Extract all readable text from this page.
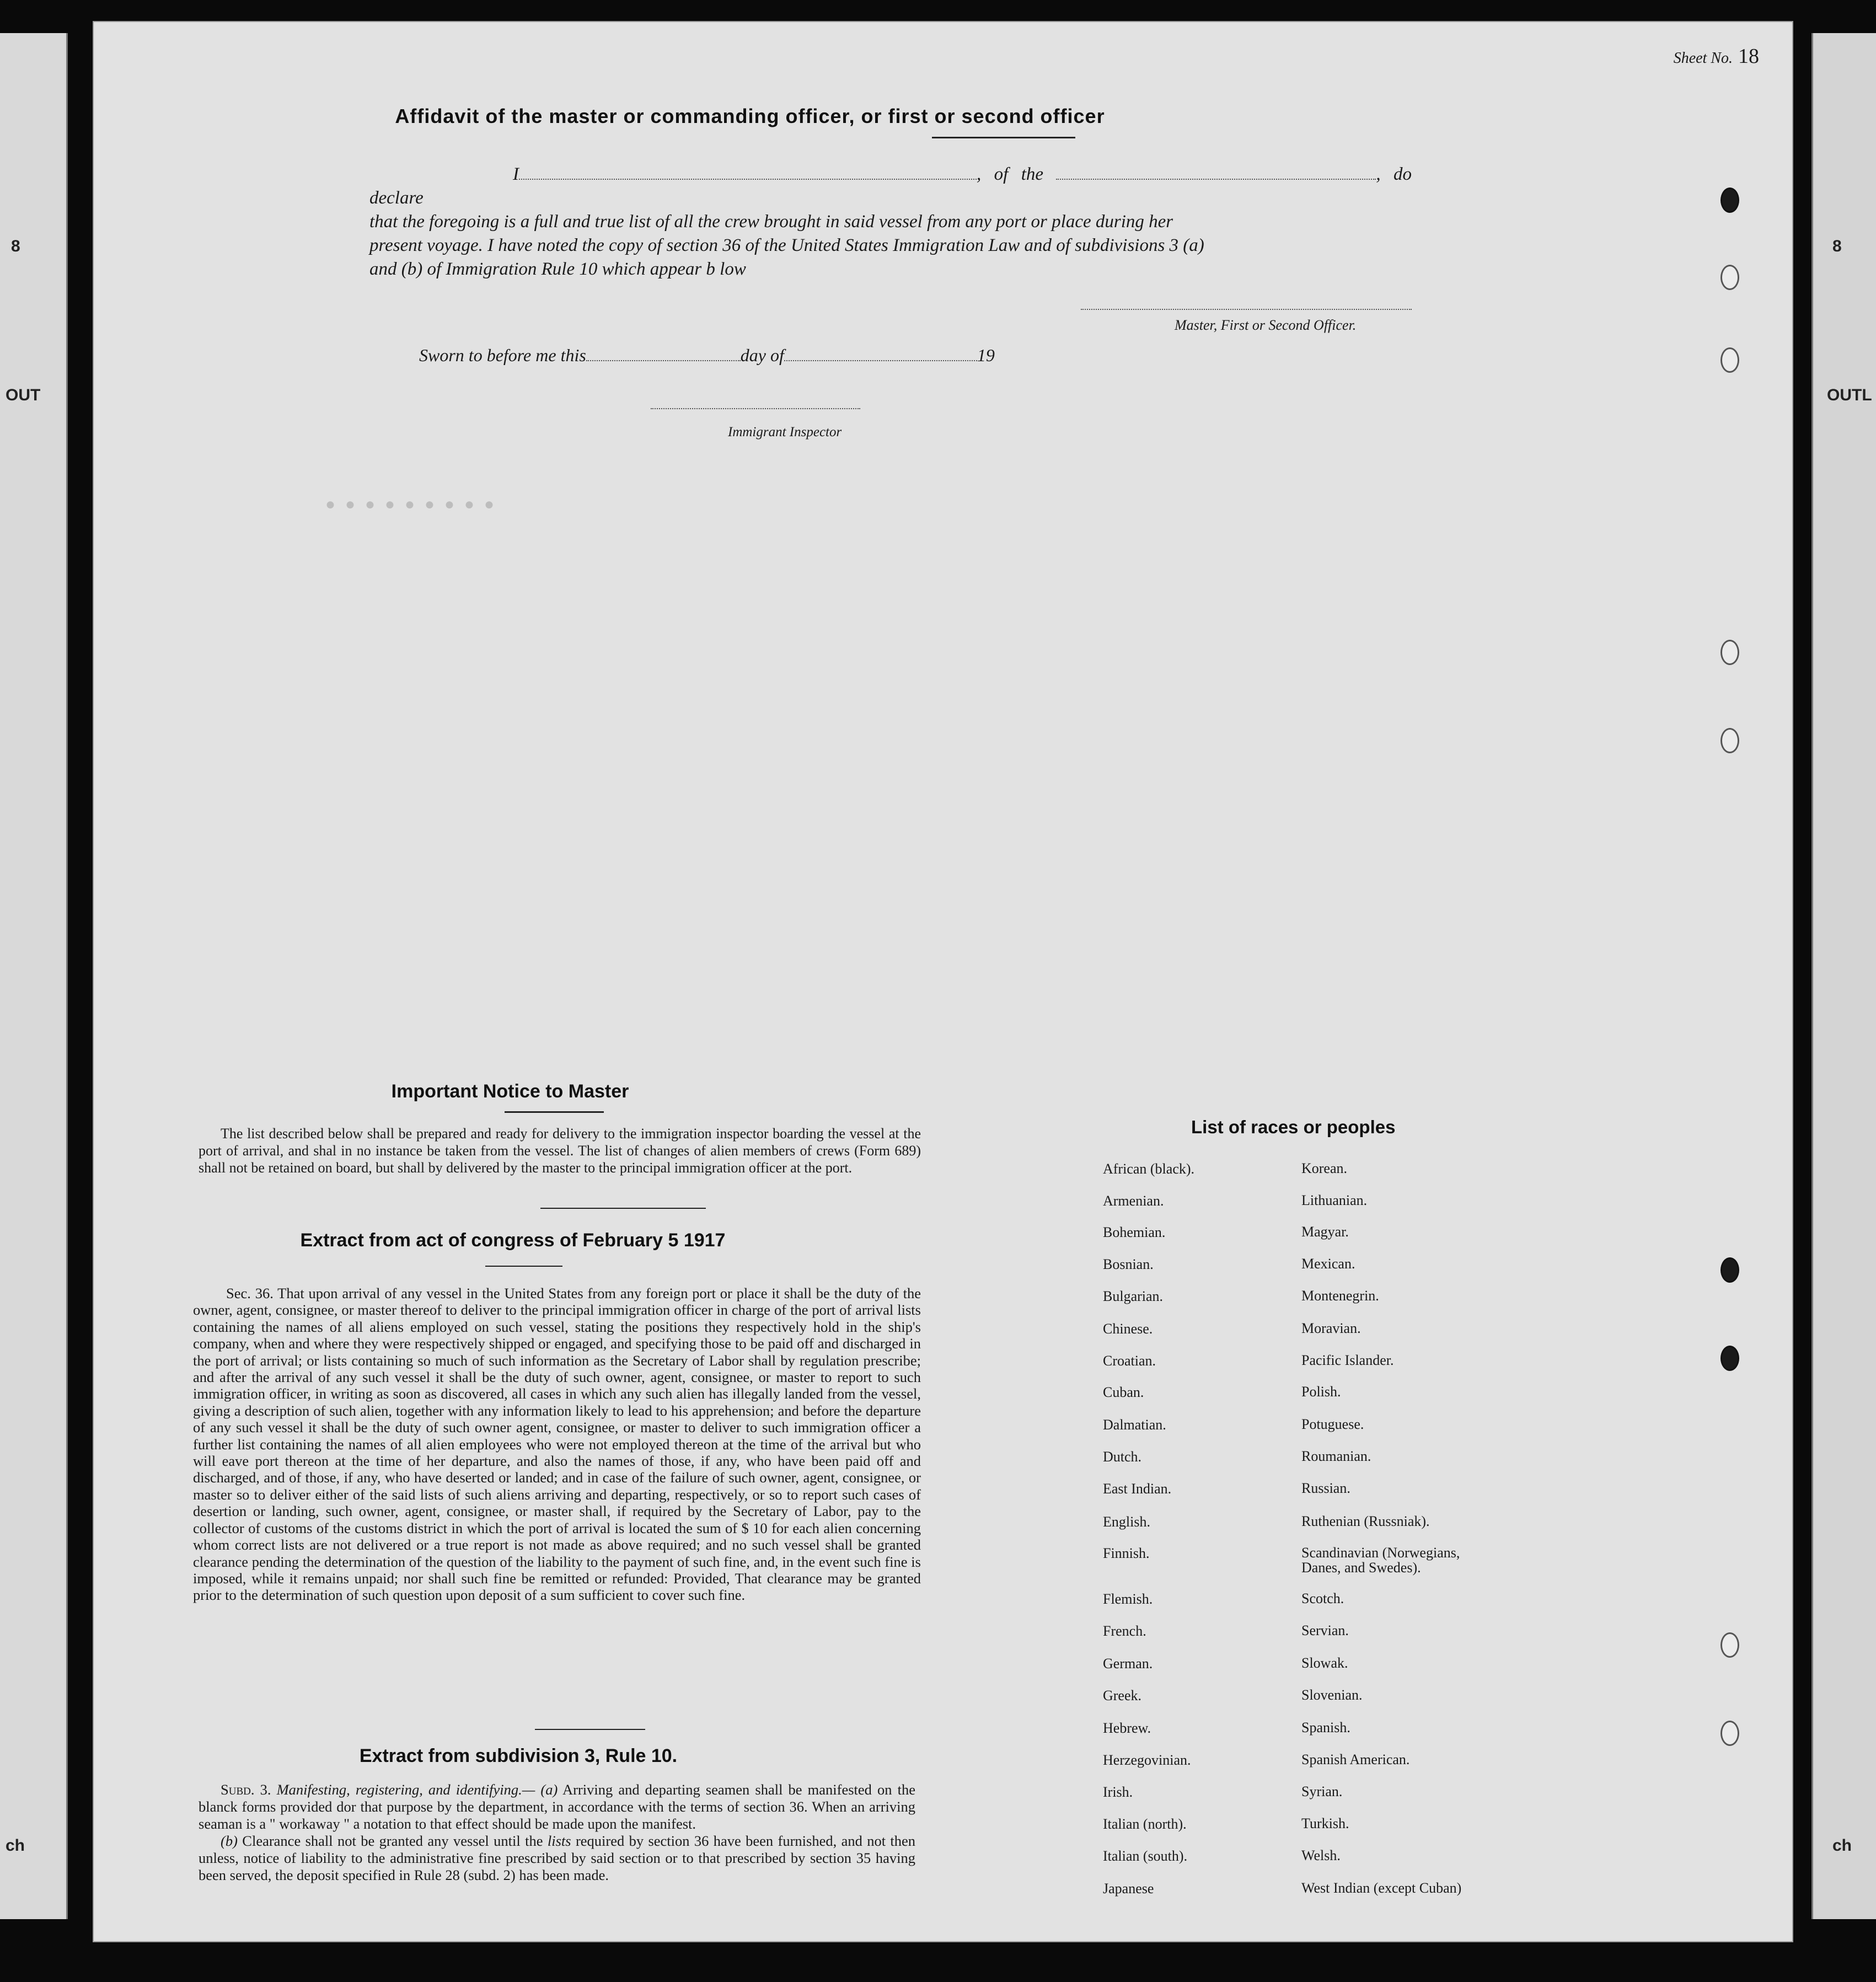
8
OUT
ch
8
OUTL
ch
Sheet No. 18
Affidavit of the master or commanding officer, or first or second officer
I	, of the	, do declare
that the foregoing is a full and true list of all the crew brought in said vessel from any port or place during her
present voyage. I have noted the copy of section 36 of the United States Immigration Law and of subdivisions 3 (a)
and (b) of Immigration Rule 10 which appear b low
Master, First or Second Officer.
Sworn to before me this	day of	19
Immigrant Inspector
● ● ● ● ● ● ● ● ●
Important Notice to Master
The list described below shall be prepared and ready for delivery to the immigration inspector boarding the vessel at the port of arrival, and shal in no instance be taken from the vessel. The list of changes of alien members of crews (Form 689) shall not be retained on board, but shall by delivered by the master to the principal immigration officer at the port.
Extract from act of congress of February 5 1917
Sec. 36. That upon arrival of any vessel in the United States from any foreign port or place it shall be the duty of the owner, agent, consignee, or master thereof to deliver to the principal immigration officer in charge of the port of arrival lists containing the names of all aliens employed on such vessel, stating the positions they respectively hold in the ship's company, when and where they were respectively shipped or engaged, and specifying those to be paid off and discharged in the port of arrival; or lists containing so much of such information as the Secretary of Labor shall by regulation prescribe; and after the arrival of any such vessel it shall be the duty of such owner, agent, consignee, or master to report to such immigration officer, in writing as soon as discovered, all cases in which any such alien has illegally landed from the vessel, giving a description of such alien, together with any information likely to lead to his apprehension; and before the departure of any such vessel it shall be the duty of such owner agent, consignee, or master to deliver to such immigration officer a further list containing the names of all alien employees who were not employed thereon at the time of the arrival but who will eave port thereon at the time of her departure, and also the names of those, if any, who have been paid off and discharged, and of those, if any, who have deserted or landed; and in case of the failure of such owner, agent, consignee, or master so to deliver either of the said lists of such aliens arriving and departing, respectively, or so to report such cases of desertion or landing, such owner, agent, consignee, or master shall, if required by the Secretary of Labor, pay to the collector of customs of the customs district in which the port of arrival is located the sum of $ 10 for each alien concerning whom correct lists are not delivered or a true report is not made as above required; and no such vessel shall be granted clearance pending the determination of the question of the liability to the payment of such fine, and, in the event such fine is imposed, while it remains unpaid; nor shall such fine be remitted or refunded: Provided, That clearance may be granted prior to the determination of such question upon deposit of a sum sufficient to cover such fine.
Extract from subdivision 3, Rule 10.

Subd. 3. Manifesting, registering, and identifying.— (a) Arriving and departing seamen shall be manifested on the blanck forms provided dor that purpose by the department, in accordance with the terms of section 36. When an arriving seaman is a " workaway " a notation to that effect should be made upon the manifest.

(b) Clearance shall not be granted any vessel until the lists required by section 36 have been furnished, and not then unless, notice of liability to the administrative fine prescribed by said section or to that prescribed by section 35 having been served, the deposit specified in Rule 28 (subd. 2) has been made.

List of races or peoples
African (black).	Korean.
Armenian.	Lithuanian.
Bohemian.	Magyar.
Bosnian.	Mexican.
Bulgarian.	Montenegrin.
Chinese.	Moravian.
Croatian.	Pacific Islander.
Cuban.	Polish.
Dalmatian.	Potuguese.
Dutch.	Roumanian.
East Indian.	Russian.
English.	Ruthenian (Russniak).
Finnish.	Scandinavian (Norwegians, Danes, and Swedes).
Flemish.	Scotch.
French.	Servian.
German.	Slowak.
Greek.	Slovenian.
Hebrew.	Spanish.
Herzegovinian.	Spanish American.
Irish.	Syrian.
Italian (north).	Turkish.
Italian (south).	Welsh.
Japanese	West Indian (except Cuban)
